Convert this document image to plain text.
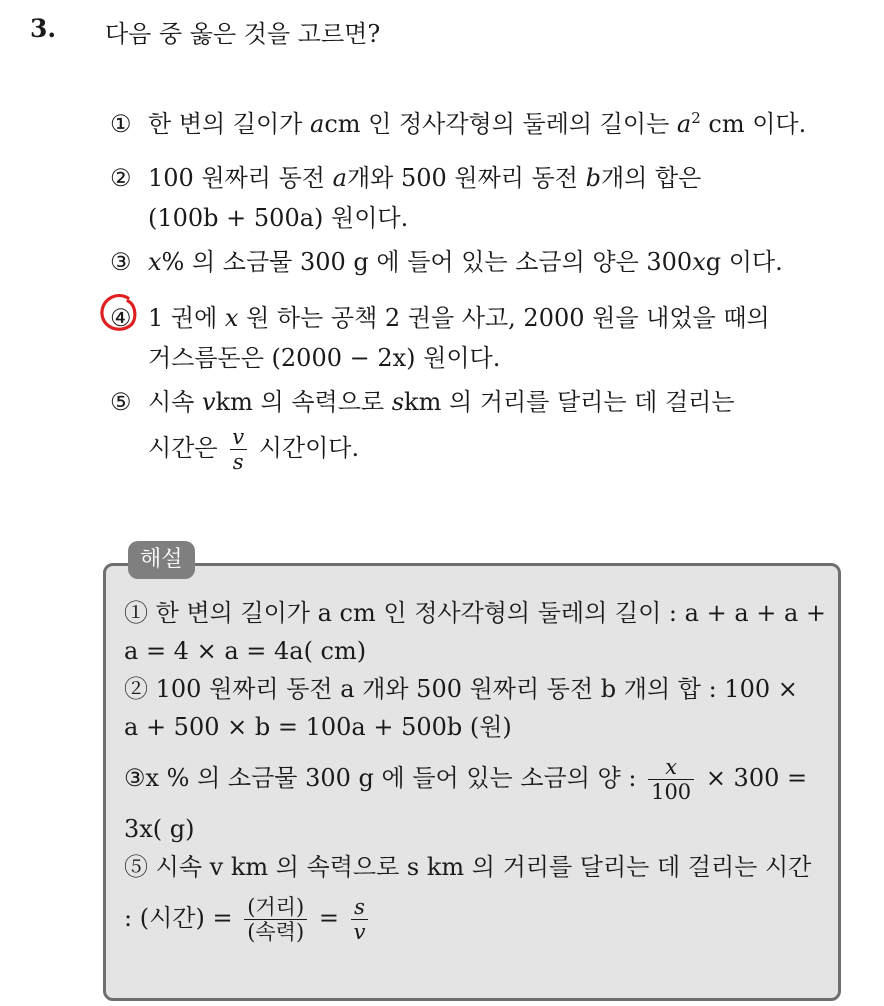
3. 다음 중 옳은 것을 고르면?
① 한 변의 길이가 acm 인 정사각형의 둘레의 길이는 $a^2$ cm 이다.
② 100 원짜리 동전 a개와 500 원짜리 동전 b개의 합은
(100b + 500a) 원이다.
③ x% 의 소금물 300 g 에 들어 있는 소금의 양은 300xg 이다.
④ 1 권에 x 원 하는 공책 2 권을 사고, 2000 원을 내었을 때의
거스름돈은 (2000 − 2x) 원이다.
⑤ 시속 vkm 의 속력으로 skm 의 거리를 달리는 데 걸리는
시간은 $\frac{v}{s}$ 시간이다.
해설
① 한 변의 길이가 a cm 인 정사각형의 둘레의 길이 : a + a + a +
a = 4 × a = 4a( cm)
② 100 원짜리 동전 a 개와 500 원짜리 동전 b 개의 합 : 100 ×
a + 500 × b = 100a + 500b (원)
③x % 의 소금물 300 g 에 들어 있는 소금의 양 : $\frac{x}{100} \times 300$ =
3x( g)
⑤ 시속 v km 의 속력으로 s km 의 거리를 달리는 데 걸리는 시간
: (시간) = $\frac{\text{(거리)}}{\text{(속력)}} = \frac{s}{v}$
